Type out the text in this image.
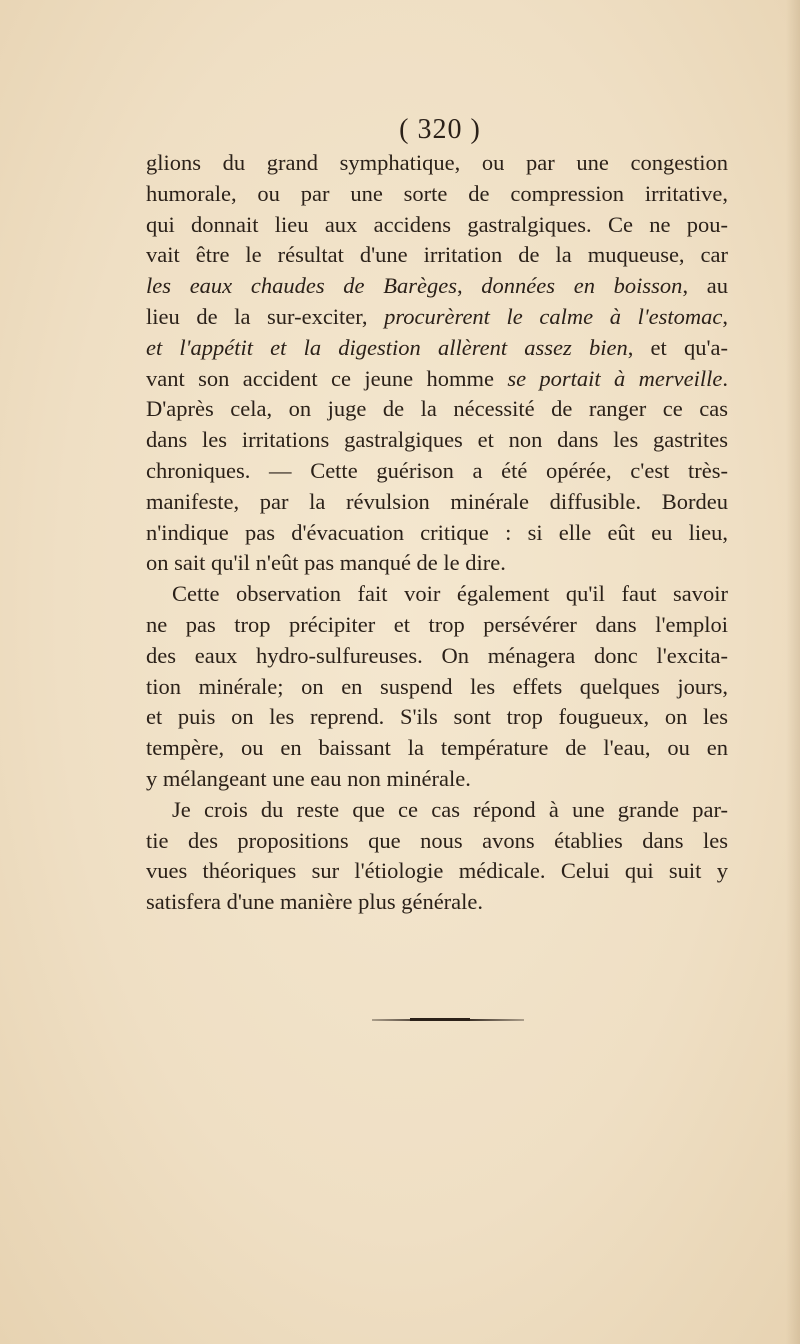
( 320 )
glions du grand symphatique, ou par une congestion
humorale, ou par une sorte de compression irritative,
qui donnait lieu aux accidens gastralgiques. Ce ne pou-
vait être le résultat d'une irritation de la muqueuse, car
les eaux chaudes de Barèges, données en boisson, au
lieu de la sur-exciter, procurèrent le calme à l'estomac,
et l'appétit et la digestion allèrent assez bien, et qu'a-
vant son accident ce jeune homme se portait à merveille.
D'après cela, on juge de la nécessité de ranger ce cas
dans les irritations gastralgiques et non dans les gastrites
chroniques. — Cette guérison a été opérée, c'est très-
manifeste, par la révulsion minérale diffusible. Bordeu
n'indique pas d'évacuation critique : si elle eût eu lieu,
on sait qu'il n'eût pas manqué de le dire.
Cette observation fait voir également qu'il faut savoir
ne pas trop précipiter et trop persévérer dans l'emploi
des eaux hydro-sulfureuses. On ménagera donc l'excita-
tion minérale; on en suspend les effets quelques jours,
et puis on les reprend. S'ils sont trop fougueux, on les
tempère, ou en baissant la température de l'eau, ou en
y mélangeant une eau non minérale.
Je crois du reste que ce cas répond à une grande par-
tie des propositions que nous avons établies dans les
vues théoriques sur l'étiologie médicale. Celui qui suit y
satisfera d'une manière plus générale.
